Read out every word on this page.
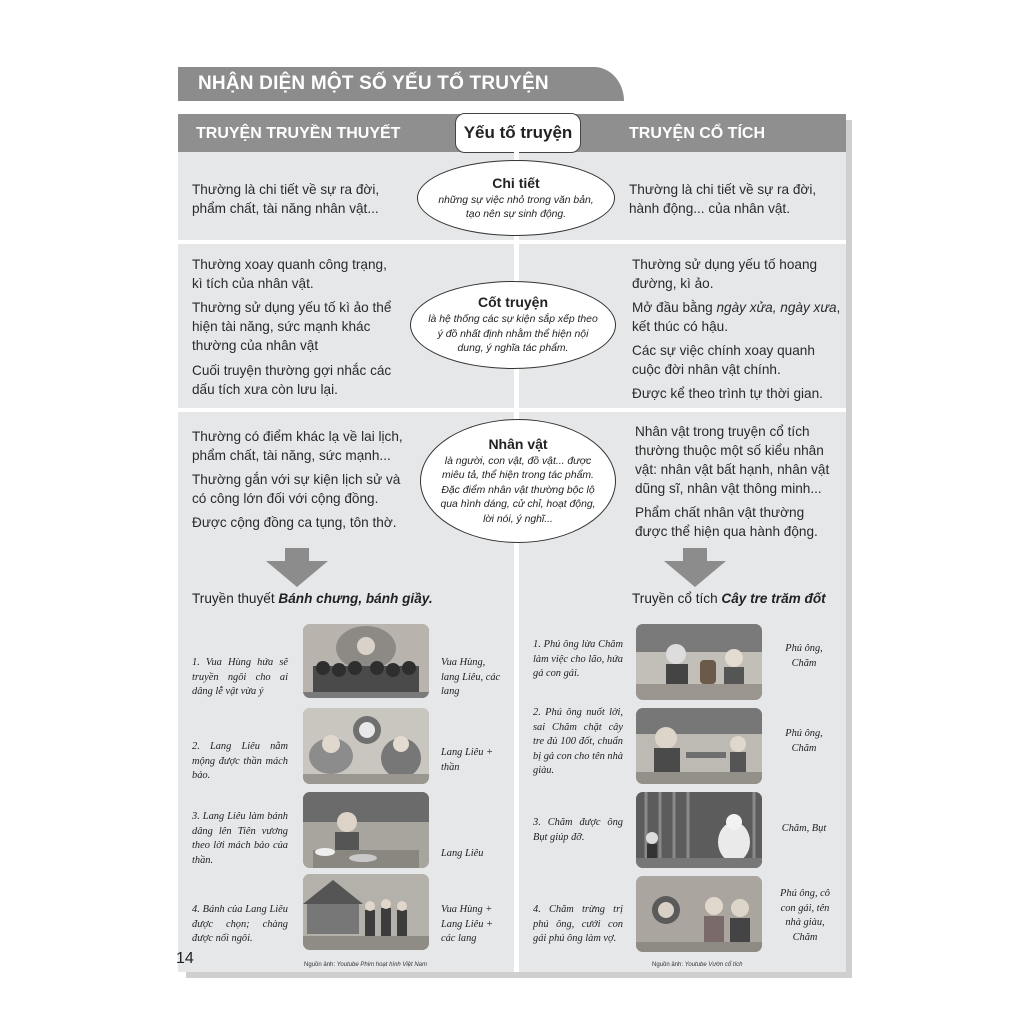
NHẬN DIỆN MỘT SỐ YẾU TỐ TRUYỆN
TRUYỆN TRUYỀN THUYẾT	TRUYỆN CỔ TÍCH
Yếu tố truyện

Thường là chi tiết về sự ra đời, phẩm chất, tài năng nhân vật...

Thường là chi tiết về sự ra đời, hành động... của nhân vật.

Chi tiết
những sự việc nhỏ trong văn bản, tạo nên sự sinh động.

Thường xoay quanh công trạng, kì tích của nhân vật.

Thường sử dụng yếu tố kì ảo thể hiện tài năng, sức mạnh khác thường của nhân vật

Cuối truyện thường gợi nhắc các dấu tích xưa còn lưu lại.

Thường sử dụng yếu tố hoang đường, kì ảo.

Mở đầu bằng ngày xửa, ngày xưa, kết thúc có hậu.

Các sự việc chính xoay quanh cuộc đời nhân vật chính.

Được kể theo trình tự thời gian.

Cốt truyện
là hệ thống các sự kiện sắp xếp theo ý đồ nhất định nhằm thể hiện nội dung, ý nghĩa tác phẩm.

Thường có điểm khác lạ về lai lịch, phẩm chất, tài năng, sức mạnh...

Thường gắn với sự kiện lịch sử và có công lớn đối với cộng đồng.

Được cộng đồng ca tụng, tôn thờ.

Nhân vật trong truyện cổ tích thường thuộc một số kiểu nhân vật: nhân vật bất hạnh, nhân vật dũng sĩ, nhân vật thông minh...

Phẩm chất nhân vật thường được thể hiện qua hành động.

Nhân vật
là người, con vật, đồ vật... được miêu tả, thể hiện trong tác phẩm. Đặc điểm nhân vật thường bộc lộ qua hình dáng, cử chỉ, hoạt động, lời nói, ý nghĩ...
Truyền thuyết Bánh chưng, bánh giầy.	Truyền cổ tích Cây tre trăm đốt
1. Vua Hùng hứa sẽ truyền ngôi cho ai dâng lễ vật vừa ý
Vua Hùng, lang Liêu, các lang
2. Lang Liêu nằm mộng được thần mách bảo.
Lang Liêu + thần
3. Lang Liêu làm bánh dâng lên Tiên vương theo lời mách bảo của thần.
Lang Liêu
4. Bánh của Lang Liêu được chọn; chàng được nối ngôi.
Vua Hùng + Lang Liêu + các lang
Nguồn ảnh: Youtube Phim hoạt hình Việt Nam
1. Phú ông lừa Chăm làm việc cho lão, hứa gả con gái.
Phú ông, Chăm
2. Phú ông nuốt lời, sai Chăm chặt cây tre đủ 100 đốt, chuẩn bị gả con cho tên nhà giàu.
Phú ông, Chăm
3. Chăm được ông Bụt giúp đỡ.
Chăm, Bụt
4. Chăm trừng trị phú ông, cưới con gái phú ông làm vợ.
Phú ông, cô con gái, tên nhà giàu, Chăm
Nguồn ảnh: Youtube Vườn cổ tích
14
